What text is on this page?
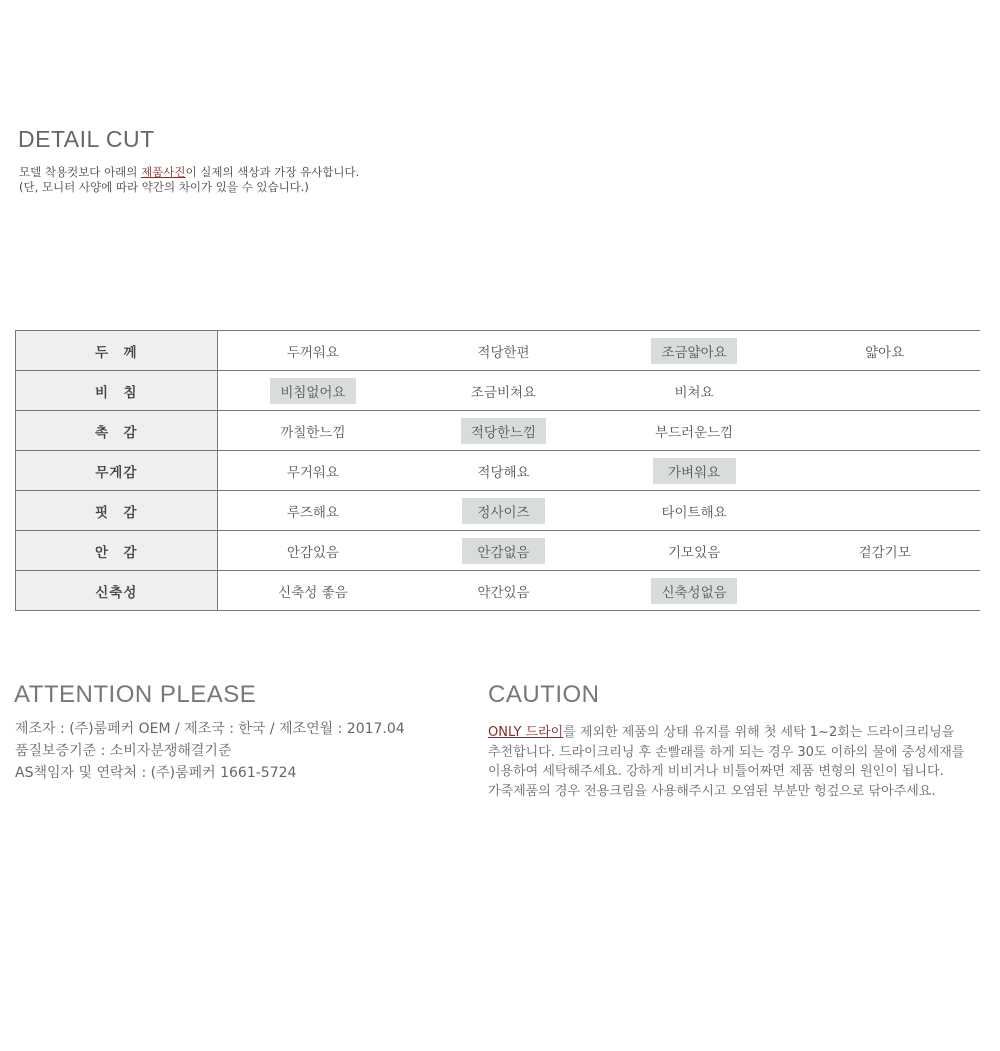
DETAIL CUT
모델 착용컷보다 아래의 제품사진이 실제의 색상과 가장 유사합니다.
(단, 모니터 사양에 따라 약간의 차이가 있을 수 있습니다.)
두　께	두꺼워요	적당한편	조금얇아요	얇아요
비　침	비침없어요	조금비쳐요	비쳐요	
촉　감	까칠한느낌	적당한느낌	부드러운느낌	
무게감	무거워요	적당해요	가벼워요	
핏　감	루즈해요	정사이즈	타이트해요	
안　감	안감있음	안감없음	기모있음	겉감기모
신축성	신축성 좋음	약간있음	신축성없음	
ATTENTION PLEASE
제조자 : (주)룸페커 OEM / 제조국 : 한국 / 제조연월 : 2017.04
품질보증기준 : 소비자분쟁해결기준
AS책임자 및 연락처 : (주)룸페커 1661-5724
CAUTION
ONLY 드라이를 제외한 제품의 상태 유지를 위해 첫 세탁 1~2회는 드라이크리닝을
추천합니다. 드라이크리닝 후 손빨래를 하게 되는 경우 30도 이하의 물에 중성세재를
이용하여 세탁해주세요. 강하게 비비거나 비틀어짜면 제품 변형의 원인이 됩니다.
가죽제품의 경우 전용크림을 사용해주시고 오염된 부분만 헝겊으로 닦아주세요.
